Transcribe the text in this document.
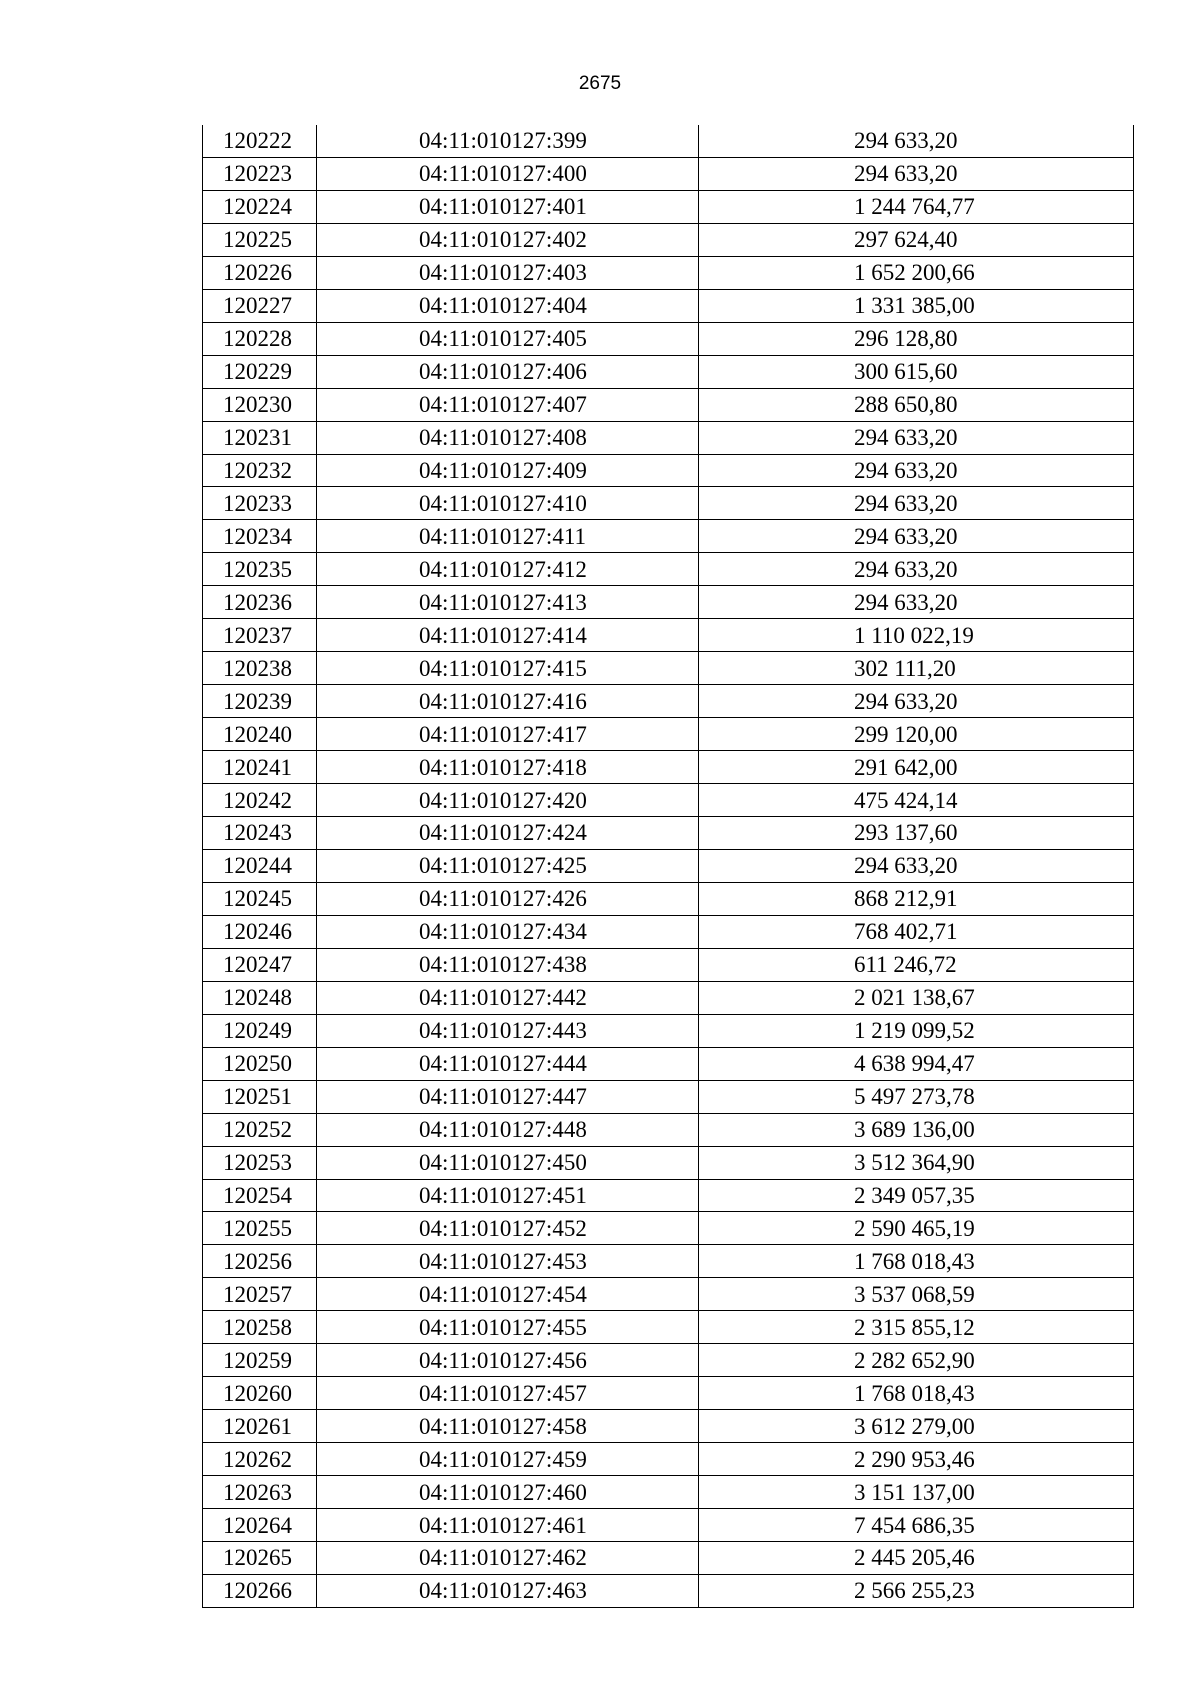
2675
120222	04:11:010127:399	294 633,20
120223	04:11:010127:400	294 633,20
120224	04:11:010127:401	1 244 764,77
120225	04:11:010127:402	297 624,40
120226	04:11:010127:403	1 652 200,66
120227	04:11:010127:404	1 331 385,00
120228	04:11:010127:405	296 128,80
120229	04:11:010127:406	300 615,60
120230	04:11:010127:407	288 650,80
120231	04:11:010127:408	294 633,20
120232	04:11:010127:409	294 633,20
120233	04:11:010127:410	294 633,20
120234	04:11:010127:411	294 633,20
120235	04:11:010127:412	294 633,20
120236	04:11:010127:413	294 633,20
120237	04:11:010127:414	1 110 022,19
120238	04:11:010127:415	302 111,20
120239	04:11:010127:416	294 633,20
120240	04:11:010127:417	299 120,00
120241	04:11:010127:418	291 642,00
120242	04:11:010127:420	475 424,14
120243	04:11:010127:424	293 137,60
120244	04:11:010127:425	294 633,20
120245	04:11:010127:426	868 212,91
120246	04:11:010127:434	768 402,71
120247	04:11:010127:438	611 246,72
120248	04:11:010127:442	2 021 138,67
120249	04:11:010127:443	1 219 099,52
120250	04:11:010127:444	4 638 994,47
120251	04:11:010127:447	5 497 273,78
120252	04:11:010127:448	3 689 136,00
120253	04:11:010127:450	3 512 364,90
120254	04:11:010127:451	2 349 057,35
120255	04:11:010127:452	2 590 465,19
120256	04:11:010127:453	1 768 018,43
120257	04:11:010127:454	3 537 068,59
120258	04:11:010127:455	2 315 855,12
120259	04:11:010127:456	2 282 652,90
120260	04:11:010127:457	1 768 018,43
120261	04:11:010127:458	3 612 279,00
120262	04:11:010127:459	2 290 953,46
120263	04:11:010127:460	3 151 137,00
120264	04:11:010127:461	7 454 686,35
120265	04:11:010127:462	2 445 205,46
120266	04:11:010127:463	2 566 255,23
